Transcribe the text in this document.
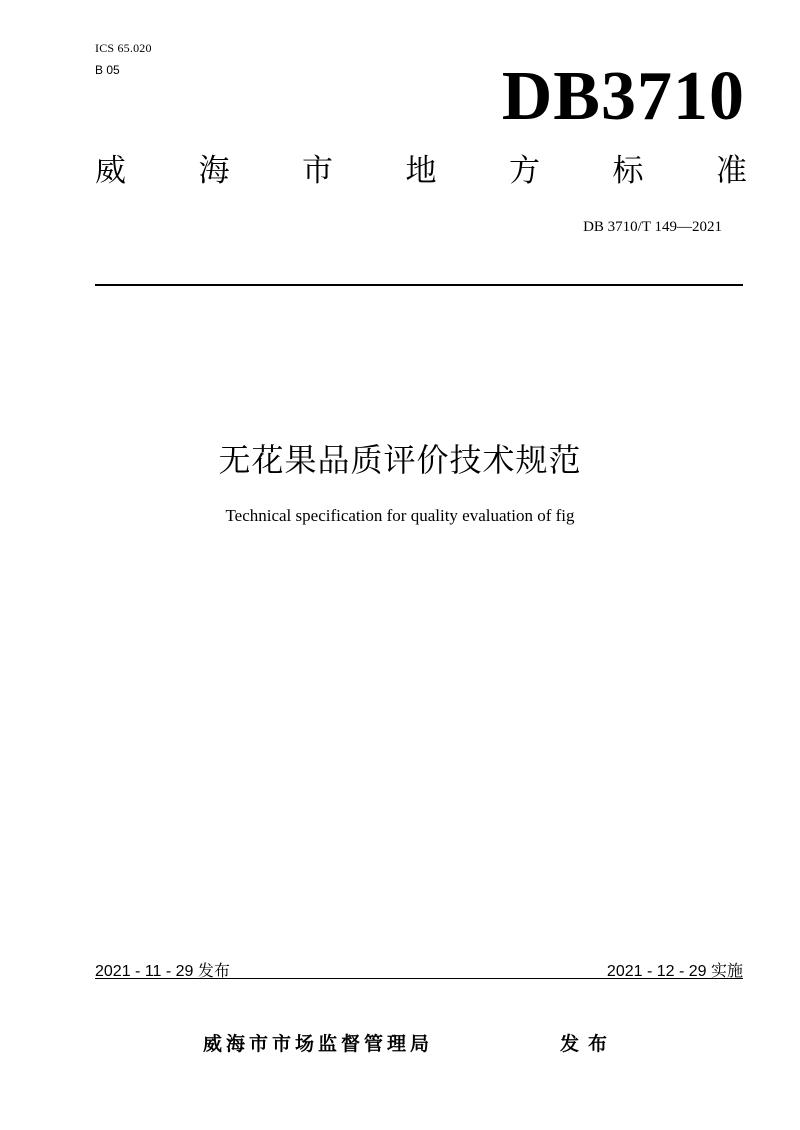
ICS 65.020
B 05	DB3710
威 海 市 地 方 标 准
DB 3710/T 149—2021
无花果品质评价技术规范
Technical specification for quality evaluation of fig
2021 - 11 - 29 发布	2021 - 12 - 29 实施
威海市市场监督管理局	发布
